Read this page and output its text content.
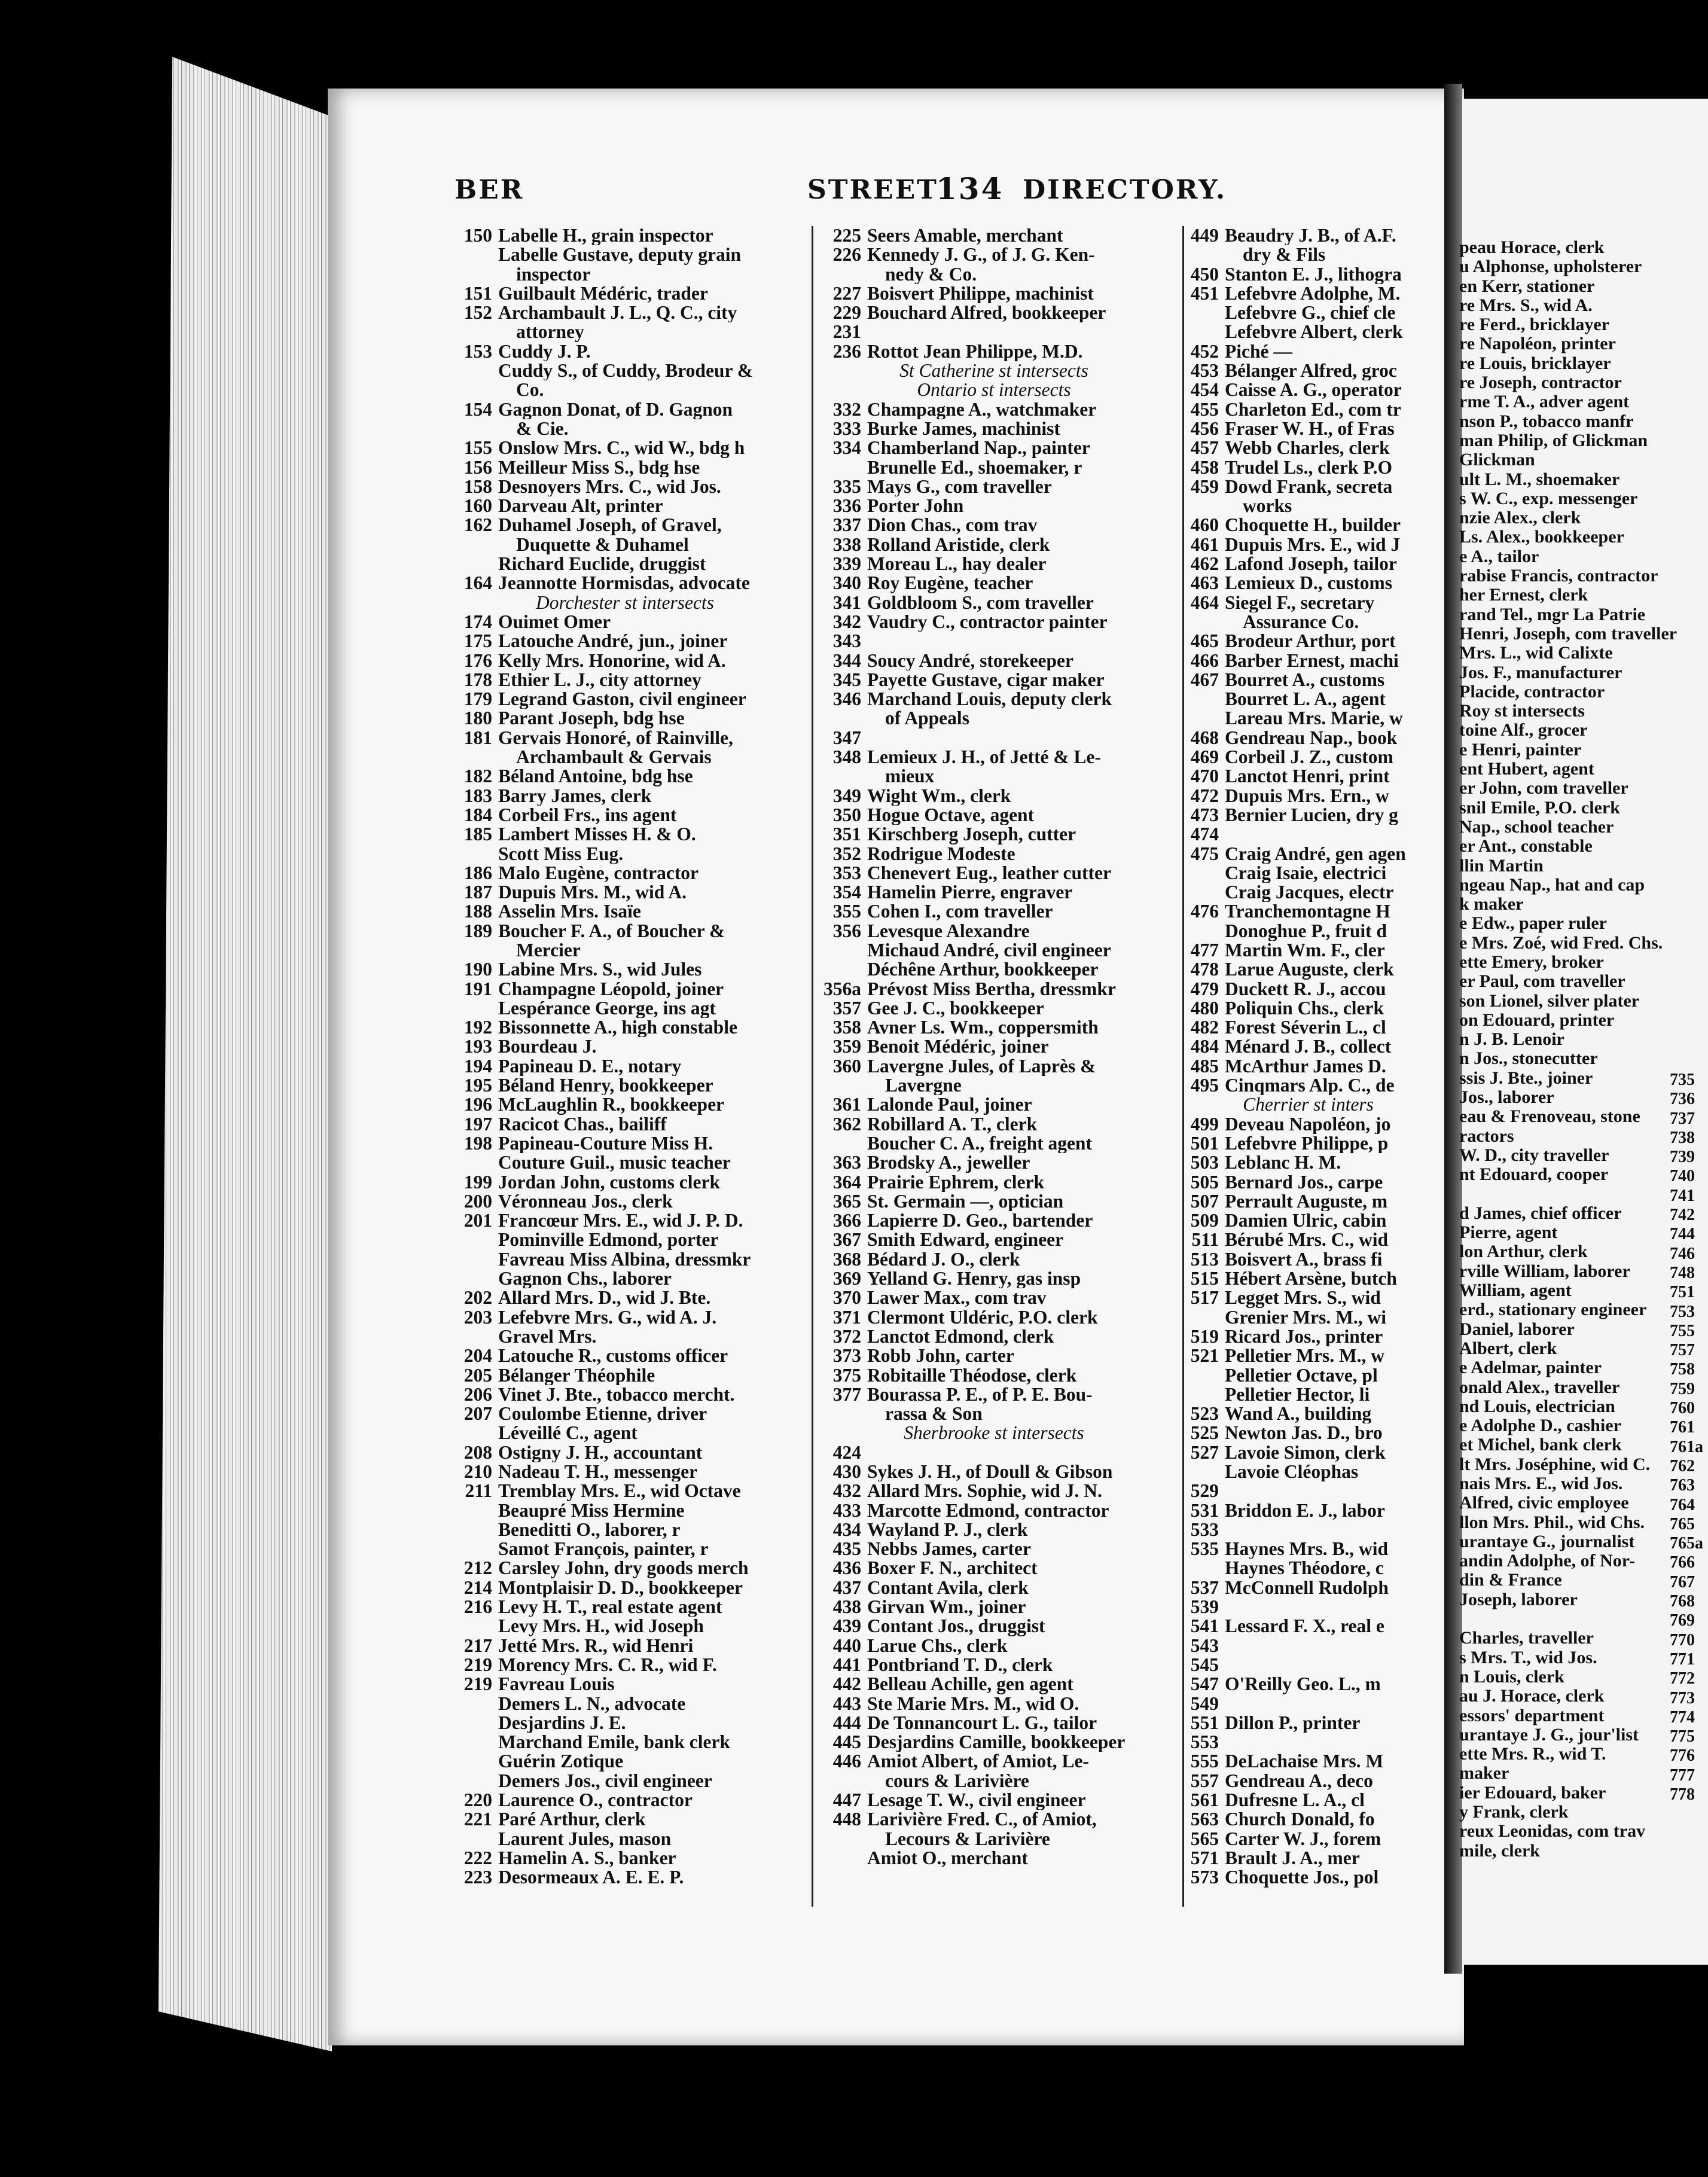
BER	STREET
134 DIRECTORY.
150 Labelle H., grain inspector
Labelle Gustave, deputy grain
inspector
151 Guilbault Médéric, trader
152 Archambault J. L., Q. C., city
attorney
153 Cuddy J. P.
Cuddy S., of Cuddy, Brodeur &
Co.
154 Gagnon Donat, of D. Gagnon
& Cie.
155 Onslow Mrs. C., wid W., bdg h
156 Meilleur Miss S., bdg hse
158 Desnoyers Mrs. C., wid Jos.
160 Darveau Alt, printer
162 Duhamel Joseph, of Gravel,
Duquette & Duhamel
Richard Euclide, druggist
164 Jeannotte Hormisdas, advocate
Dorchester st intersects
174 Ouimet Omer
175 Latouche André, jun., joiner
176 Kelly Mrs. Honorine, wid A.
178 Ethier L. J., city attorney
179 Legrand Gaston, civil engineer
180 Parant Joseph, bdg hse
181 Gervais Honoré, of Rainville,
Archambault & Gervais
182 Béland Antoine, bdg hse
183 Barry James, clerk
184 Corbeil Frs., ins agent
185 Lambert Misses H. & O.
Scott Miss Eug.
186 Malo Eugène, contractor
187 Dupuis Mrs. M., wid A.
188 Asselin Mrs. Isaïe
189 Boucher F. A., of Boucher &
Mercier
190 Labine Mrs. S., wid Jules
191 Champagne Léopold, joiner
Lespérance George, ins agt
192 Bissonnette A., high constable
193 Bourdeau J.
194 Papineau D. E., notary
195 Béland Henry, bookkeeper
196 McLaughlin R., bookkeeper
197 Racicot Chas., bailiff
198 Papineau-Couture Miss H.
Couture Guil., music teacher
199 Jordan John, customs clerk
200 Véronneau Jos., clerk
201 Francœur Mrs. E., wid J. P. D.
Pominville Edmond, porter
Favreau Miss Albina, dressmkr
Gagnon Chs., laborer
202 Allard Mrs. D., wid J. Bte.
203 Lefebvre Mrs. G., wid A. J.
Gravel Mrs.
204 Latouche R., customs officer
205 Bélanger Théophile
206 Vinet J. Bte., tobacco mercht.
207 Coulombe Etienne, driver
Léveillé C., agent
208 Ostigny J. H., accountant
210 Nadeau T. H., messenger
211 Tremblay Mrs. E., wid Octave
Beaupré Miss Hermine
Beneditti O., laborer, r
Samot François, painter, r
212 Carsley John, dry goods merch
214 Montplaisir D. D., bookkeeper
216 Levy H. T., real estate agent
Levy Mrs. H., wid Joseph
217 Jetté Mrs. R., wid Henri
219 Morency Mrs. C. R., wid F.
219 Favreau Louis
Demers L. N., advocate
Desjardins J. E.
Marchand Emile, bank clerk
Guérin Zotique
Demers Jos., civil engineer
220 Laurence O., contractor
221 Paré Arthur, clerk
Laurent Jules, mason
222 Hamelin A. S., banker
223 Desormeaux A. E. E. P.
225 Seers Amable, merchant
226 Kennedy J. G., of J. G. Ken-
nedy & Co.
227 Boisvert Philippe, machinist
229 Bouchard Alfred, bookkeeper
231
236 Rottot Jean Philippe, M.D.
St Catherine st intersects
Ontario st intersects
332 Champagne A., watchmaker
333 Burke James, machinist
334 Chamberland Nap., painter
Brunelle Ed., shoemaker, r
335 Mays G., com traveller
336 Porter John
337 Dion Chas., com trav
338 Rolland Aristide, clerk
339 Moreau L., hay dealer
340 Roy Eugène, teacher
341 Goldbloom S., com traveller
342 Vaudry C., contractor painter
343
344 Soucy André, storekeeper
345 Payette Gustave, cigar maker
346 Marchand Louis, deputy clerk
of Appeals
347
348 Lemieux J. H., of Jetté & Le-
mieux
349 Wight Wm., clerk
350 Hogue Octave, agent
351 Kirschberg Joseph, cutter
352 Rodrigue Modeste
353 Chenevert Eug., leather cutter
354 Hamelin Pierre, engraver
355 Cohen I., com traveller
356 Levesque Alexandre
Michaud André, civil engineer
Déchêne Arthur, bookkeeper
356a Prévost Miss Bertha, dressmkr
357 Gee J. C., bookkeeper
358 Avner Ls. Wm., coppersmith
359 Benoit Médéric, joiner
360 Lavergne Jules, of Laprès &
Lavergne
361 Lalonde Paul, joiner
362 Robillard A. T., clerk
Boucher C. A., freight agent
363 Brodsky A., jeweller
364 Prairie Ephrem, clerk
365 St. Germain —, optician
366 Lapierre D. Geo., bartender
367 Smith Edward, engineer
368 Bédard J. O., clerk
369 Yelland G. Henry, gas insp
370 Lawer Max., com trav
371 Clermont Uldéric, P.O. clerk
372 Lanctot Edmond, clerk
373 Robb John, carter
375 Robitaille Théodose, clerk
377 Bourassa P. E., of P. E. Bou-
rassa & Son
Sherbrooke st intersects
424
430 Sykes J. H., of Doull & Gibson
432 Allard Mrs. Sophie, wid J. N.
433 Marcotte Edmond, contractor
434 Wayland P. J., clerk
435 Nebbs James, carter
436 Boxer F. N., architect
437 Contant Avila, clerk
438 Girvan Wm., joiner
439 Contant Jos., druggist
440 Larue Chs., clerk
441 Pontbriand T. D., clerk
442 Belleau Achille, gen agent
443 Ste Marie Mrs. M., wid O.
444 De Tonnancourt L. G., tailor
445 Desjardins Camille, bookkeeper
446 Amiot Albert, of Amiot, Le-
cours & Larivière
447 Lesage T. W., civil engineer
448 Larivière Fred. C., of Amiot,
Lecours & Larivière
Amiot O., merchant
449 Beaudry J. B., of A.F.
dry & Fils
450 Stanton E. J., lithogra
451 Lefebvre Adolphe, M.
Lefebvre G., chief cle
Lefebvre Albert, clerk
452 Piché —
453 Bélanger Alfred, groc
454 Caisse A. G., operator
455 Charleton Ed., com tr
456 Fraser W. H., of Fras
457 Webb Charles, clerk
458 Trudel Ls., clerk P.O
459 Dowd Frank, secreta
works
460 Choquette H., builder
461 Dupuis Mrs. E., wid J
462 Lafond Joseph, tailor
463 Lemieux D., customs
464 Siegel F., secretary
Assurance Co.
465 Brodeur Arthur, port
466 Barber Ernest, machi
467 Bourret A., customs
Bourret L. A., agent
Lareau Mrs. Marie, w
468 Gendreau Nap., book
469 Corbeil J. Z., custom
470 Lanctot Henri, print
472 Dupuis Mrs. Ern., w
473 Bernier Lucien, dry g
474
475 Craig André, gen agen
Craig Isaie, electrici
Craig Jacques, electr
476 Tranchemontagne H
Donoghue P., fruit d
477 Martin Wm. F., cler
478 Larue Auguste, clerk
479 Duckett R. J., accou
480 Poliquin Chs., clerk
482 Forest Séverin L., cl
484 Ménard J. B., collect
485 McArthur James D.
495 Cinqmars Alp. C., de
Cherrier st inters
499 Deveau Napoléon, jo
501 Lefebvre Philippe, p
503 Leblanc H. M.
505 Bernard Jos., carpe
507 Perrault Auguste, m
509 Damien Ulric, cabin
511 Bérubé Mrs. C., wid
513 Boisvert A., brass fi
515 Hébert Arsène, butch
517 Legget Mrs. S., wid
Grenier Mrs. M., wi
519 Ricard Jos., printer
521 Pelletier Mrs. M., w
Pelletier Octave, pl
Pelletier Hector, li
523 Wand A., building
525 Newton Jas. D., bro
527 Lavoie Simon, clerk
Lavoie Cléophas
529
531 Briddon E. J., labor
533
535 Haynes Mrs. B., wid
Haynes Théodore, c
537 McConnell Rudolph
539
541 Lessard F. X., real e
543
545
547 O'Reilly Geo. L., m
549
551 Dillon P., printer
553
555 DeLachaise Mrs. M
557 Gendreau A., deco
561 Dufresne L. A., cl
563 Church Donald, fo
565 Carter W. J., forem
571 Brault J. A., mer
573 Choquette Jos., pol
peau Horace, clerk
u Alphonse, upholsterer
en Kerr, stationer
re Mrs. S., wid A.
re Ferd., bricklayer
re Napoléon, printer
re Louis, bricklayer
re Joseph, contractor
rme T. A., adver agent
nson P., tobacco manfr
man Philip, of Glickman
Glickman
ult L. M., shoemaker
s W. C., exp. messenger
nzie Alex., clerk
Ls. Alex., bookkeeper
e A., tailor
rabise Francis, contractor
her Ernest, clerk
rand Tel., mgr La Patrie
Henri, Joseph, com traveller
Mrs. L., wid Calixte
Jos. F., manufacturer
Placide, contractor
Roy st intersects
toine Alf., grocer
e Henri, painter
ent Hubert, agent
er John, com traveller
snil Emile, P.O. clerk
Nap., school teacher
er Ant., constable
llin Martin
ngeau Nap., hat and cap
k maker
e Edw., paper ruler
e Mrs. Zoé, wid Fred. Chs.
ette Emery, broker
er Paul, com traveller
son Lionel, silver plater
on Edouard, printer
n J. B. Lenoir
n Jos., stonecutter
ssis J. Bte., joiner
Jos., laborer
eau & Frenoveau, stone
ractors
W. D., city traveller
nt Edouard, cooper
d James, chief officer
Pierre, agent
lon Arthur, clerk
rville William, laborer
William, agent
erd., stationary engineer
Daniel, laborer
Albert, clerk
e Adelmar, painter
onald Alex., traveller
nd Louis, electrician
e Adolphe D., cashier
et Michel, bank clerk
lt Mrs. Joséphine, wid C.
nais Mrs. E., wid Jos.
Alfred, civic employee
llon Mrs. Phil., wid Chs.
urantaye G., journalist
andin Adolphe, of Nor-
din & France
Joseph, laborer
Charles, traveller
s Mrs. T., wid Jos.
n Louis, clerk
au J. Horace, clerk
essors' department
urantaye J. G., jour'list
ette Mrs. R., wid T.
maker
ier Edouard, baker
y Frank, clerk
reux Leonidas, com trav
mile, clerk
735
736
737
738
739
740
741
742
744
746
748
751
753
755
757
758
759
760
761
761a
762
763
764
765
765a
766
767
768
769
770
771
772
773
774
775
776
777
778
